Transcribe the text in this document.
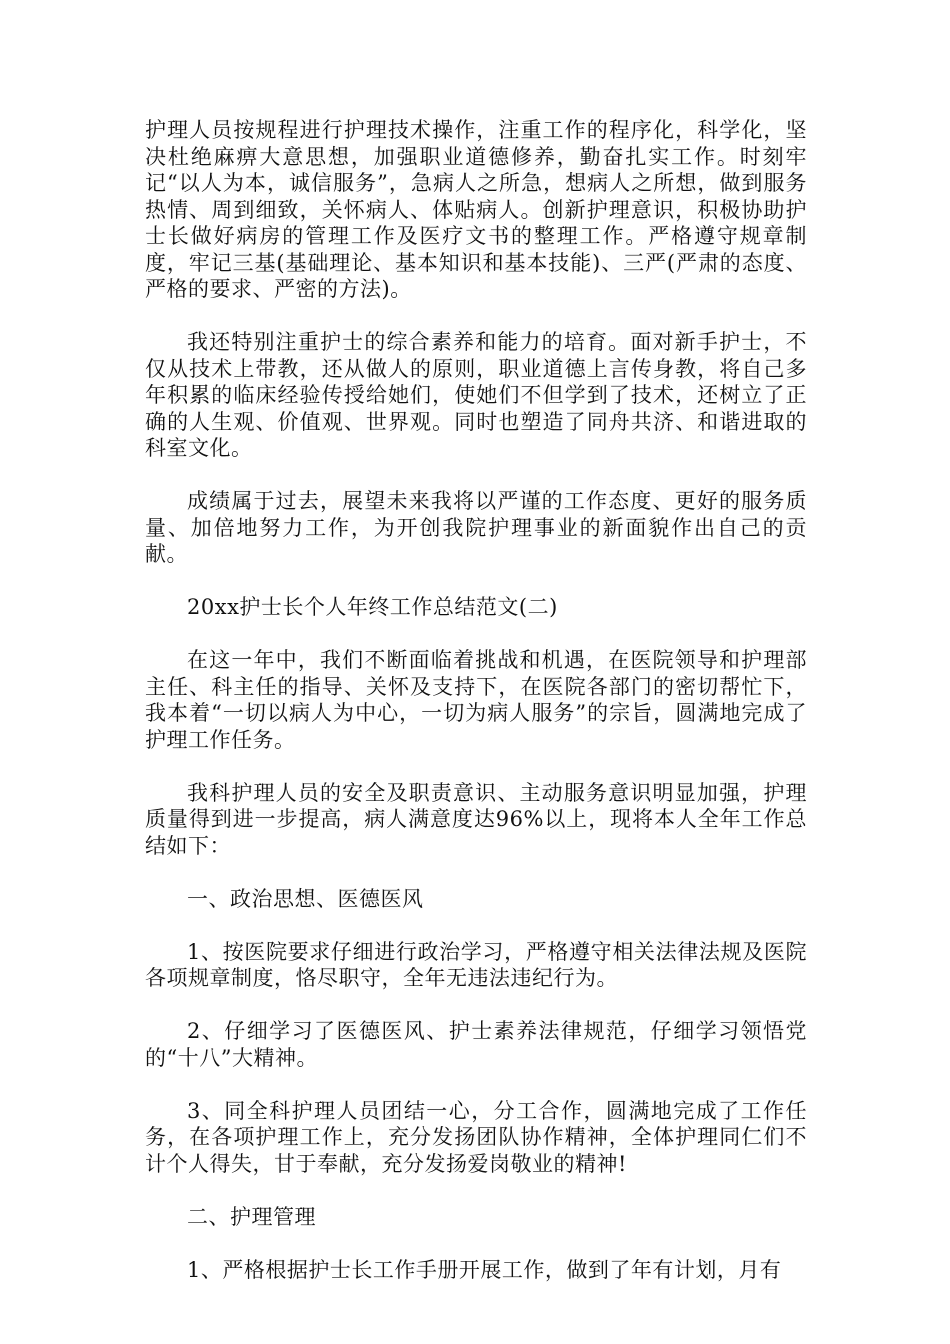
护理人员按规程进行护理技术操作，注重工作的程序化，科学化，坚决杜绝麻痹大意思想，加强职业道德修养，勤奋扎实工作。时刻牢记“以人为本，诚信服务”，急病人之所急，想病人之所想，做到服务热情、周到细致，关怀病人、体贴病人。创新护理意识，积极协助护士长做好病房的管理工作及医疗文书的整理工作。严格遵守规章制度，牢记三基(基础理论、基本知识和基本技能)、三严(严肃的态度、严格的要求、严密的方法)。

我还特别注重护士的综合素养和能力的培育。面对新手护士，不仅从技术上带教，还从做人的原则，职业道德上言传身教，将自己多年积累的临床经验传授给她们，使她们不但学到了技术，还树立了正确的人生观、价值观、世界观。同时也塑造了同舟共济、和谐进取的科室文化。

成绩属于过去，展望未来我将以严谨的工作态度、更好的服务质量、加倍地努力工作，为开创我院护理事业的新面貌作出自己的贡献。

20xx护士长个人年终工作总结范文(二)

在这一年中，我们不断面临着挑战和机遇，在医院领导和护理部主任、科主任的指导、关怀及支持下，在医院各部门的密切帮忙下，我本着“一切以病人为中心，一切为病人服务”的宗旨，圆满地完成了护理工作任务。

我科护理人员的安全及职责意识、主动服务意识明显加强，护理质量得到进一步提高，病人满意度达96%以上，现将本人全年工作总结如下：

一、政治思想、医德医风

1、按医院要求仔细进行政治学习，严格遵守相关法律法规及医院各项规章制度，恪尽职守，全年无违法违纪行为。

2、仔细学习了医德医风、护士素养法律规范，仔细学习领悟党的“十八”大精神。

3、同全科护理人员团结一心，分工合作，圆满地完成了工作任务，在各项护理工作上，充分发扬团队协作精神，全体护理同仁们不计个人得失，甘于奉献，充分发扬爱岗敬业的精神!

二、护理管理

1、严格根据护士长工作手册开展工作，做到了年有计划，月有
